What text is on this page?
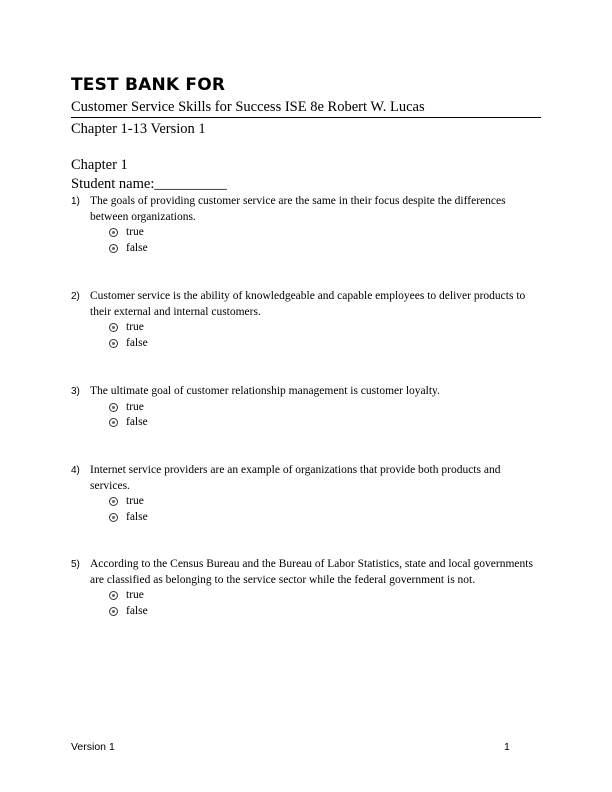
TEST BANK FOR
Customer Service Skills for Success ISE 8e Robert W. Lucas
Chapter 1-13 Version 1
Chapter 1
Student name:__________
1) The goals of providing customer service are the same in their focus despite the differences between organizations.
true
false
2) Customer service is the ability of knowledgeable and capable employees to deliver products to their external and internal customers.
true
false
3) The ultimate goal of customer relationship management is customer loyalty.
true
false
4) Internet service providers are an example of organizations that provide both products and services.
true
false
5) According to the Census Bureau and the Bureau of Labor Statistics, state and local governments are classified as belonging to the service sector while the federal government is not.
true
false
Version 1	1
